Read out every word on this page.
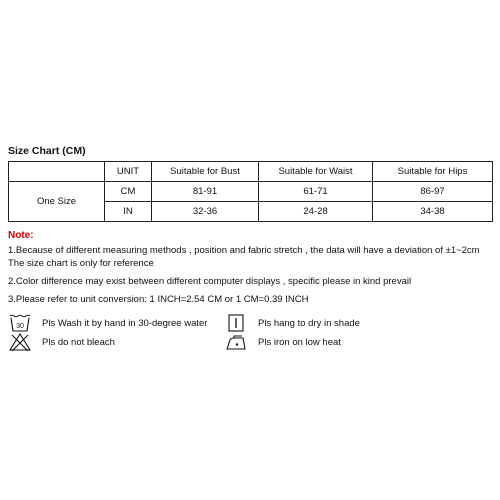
Size Chart (CM)
	UNIT	Suitable for Bust	Suitable for Waist	Suitable for Hips
One Size	CM	81-91	61-71	86-97
	IN	32-36	24-28	34-38
Note:
1.Because of different measuring methods , position and fabric stretch , the data will have a deviation of ±1~2cm
The size chart is only for reference
2.Color difference may exist between different computer displays , specific please in kind prevail
3.Please refer to unit conversion: 1 INCH=2.54 CM or 1 CM=0.39 INCH
30 Pls Wash it by hand in 30-degree water	Pls hang to dry in shade
Pls do not bleach	Pls iron on low heat
